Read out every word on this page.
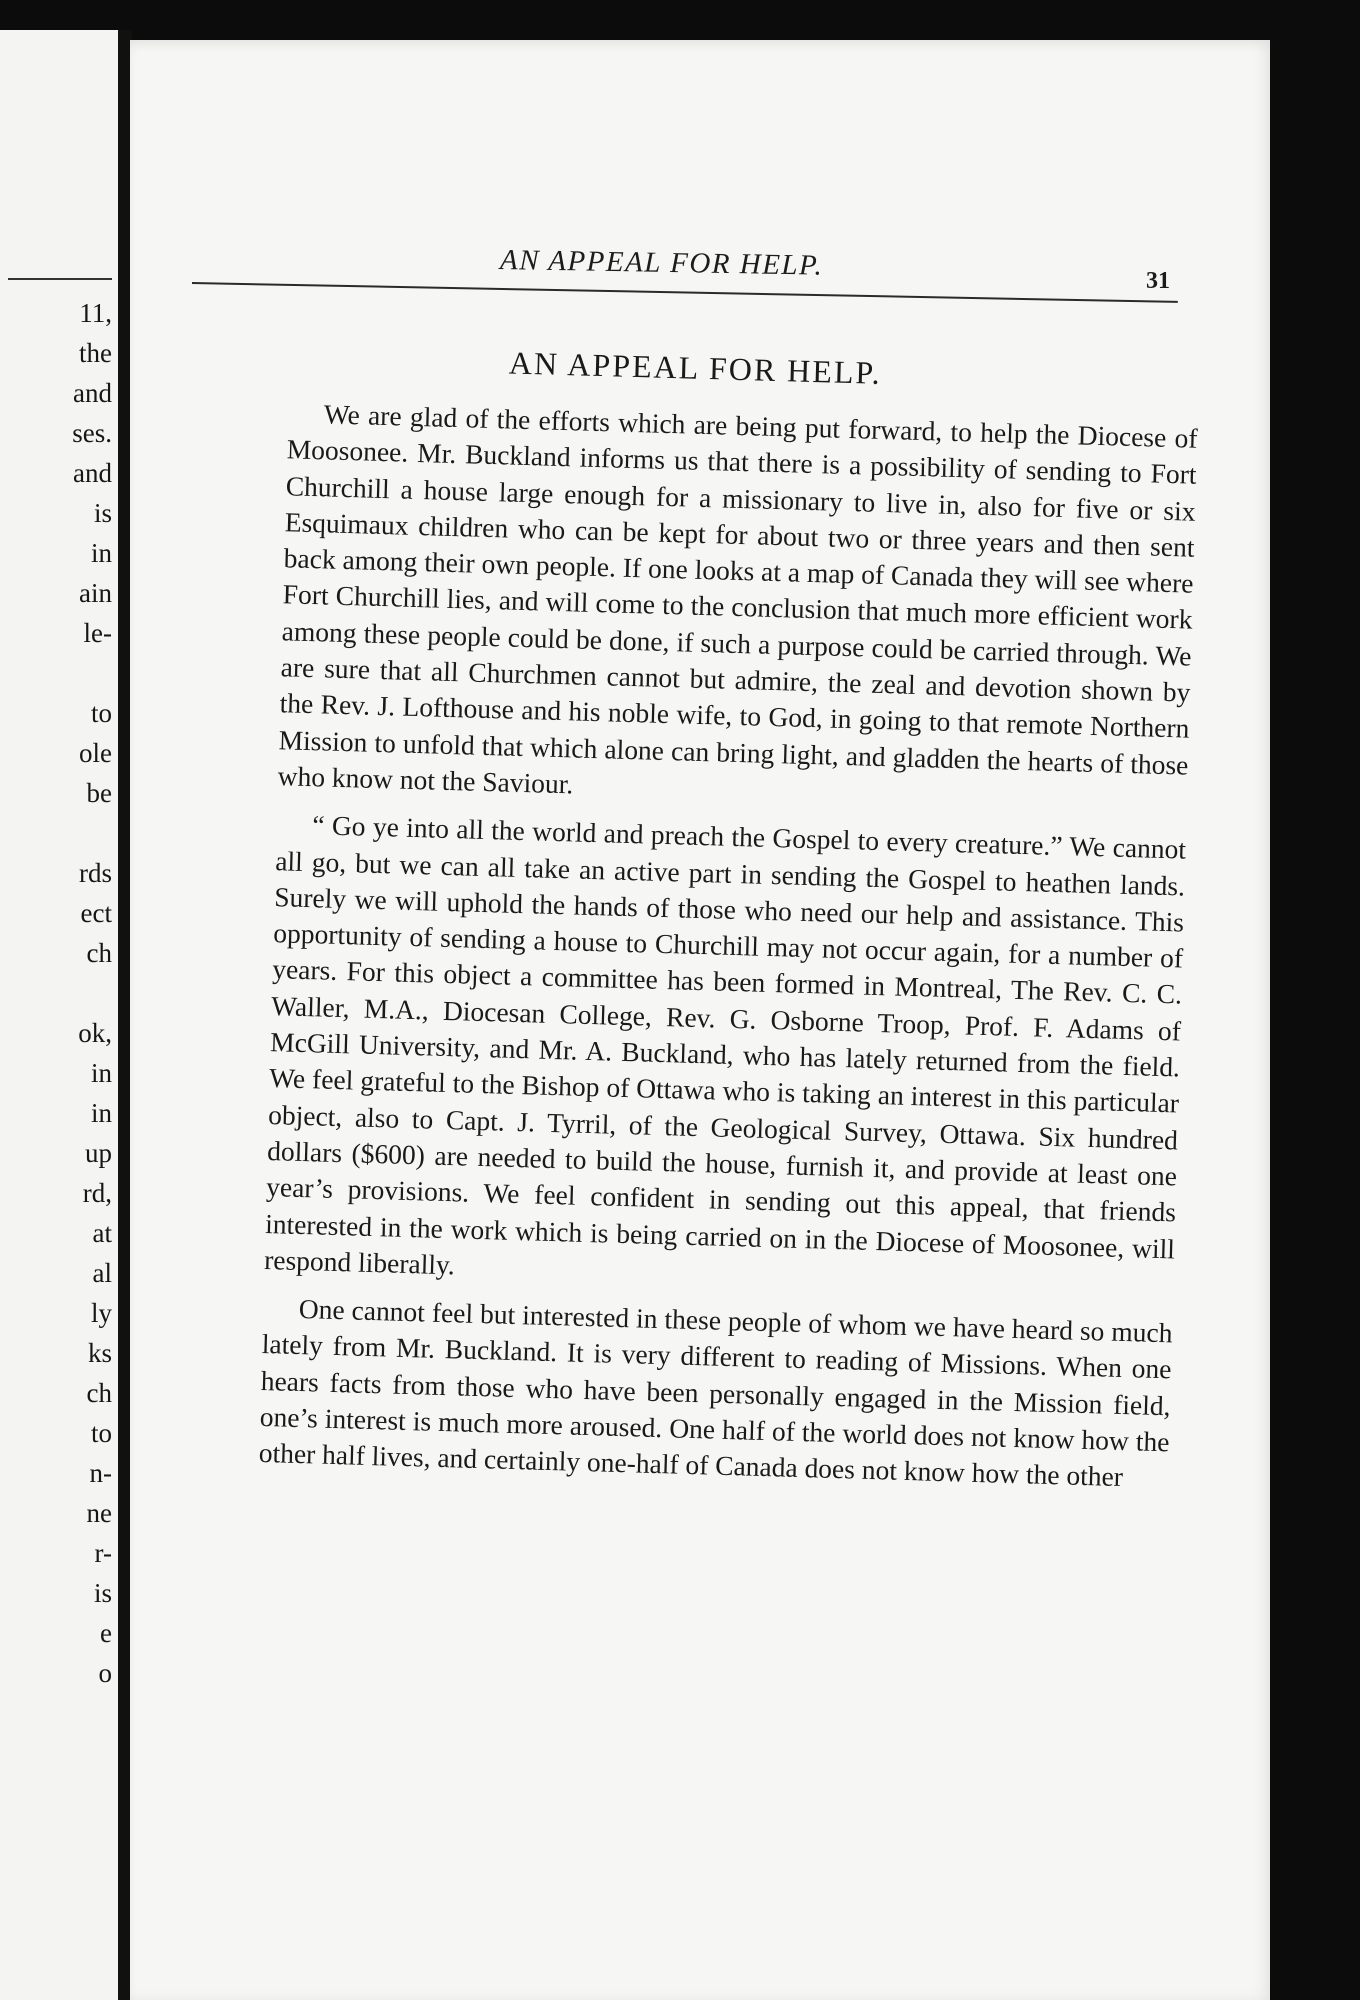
11,
the
and
ses.
and
is
in
ain
le-
to
ole
be
rds
ect
ch
ok,
in
in
up
rd,
at
al
ly
ks
ch
to
n-
ne
r-
is
e
o
AN APPEAL FOR HELP.	31
AN APPEAL FOR HELP.

We are glad of the efforts which are being put forward, to help the Diocese of Moosonee. Mr. Buckland informs us that there is a possibility of sending to Fort Churchill a house large enough for a missionary to live in, also for five or six Esquimaux children who can be kept for about two or three years and then sent back among their own people. If one looks at a map of Canada they will see where Fort Churchill lies, and will come to the conclusion that much more efficient work among these people could be done, if such a purpose could be carried through. We are sure that all Churchmen cannot but admire, the zeal and devotion shown by the Rev. J. Lofthouse and his noble wife, to God, in going to that remote Northern Mission to unfold that which alone can bring light, and gladden the hearts of those who know not the Saviour.

“ Go ye into all the world and preach the Gospel to every creature.” We cannot all go, but we can all take an active part in sending the Gospel to heathen lands. Surely we will uphold the hands of those who need our help and assistance. This opportunity of sending a house to Churchill may not occur again, for a number of years. For this object a committee has been formed in Montreal, The Rev. C. C. Waller, M.A., Diocesan College, Rev. G. Osborne Troop, Prof. F. Adams of McGill University, and Mr. A. Buckland, who has lately returned from the field. We feel grateful to the Bishop of Ottawa who is taking an interest in this particular object, also to Capt. J. Tyrril, of the Geological Survey, Ottawa. Six hundred dollars ($600) are needed to build the house, furnish it, and provide at least one year’s provisions. We feel confident in sending out this appeal, that friends interested in the work which is being carried on in the Diocese of Moosonee, will respond liberally.

One cannot feel but interested in these people of whom we have heard so much lately from Mr. Buckland. It is very different to reading of Missions. When one hears facts from those who have been personally engaged in the Mission field, one’s interest is much more aroused. One half of the world does not know how the other half lives, and certainly one-half of Canada does not know how the other
